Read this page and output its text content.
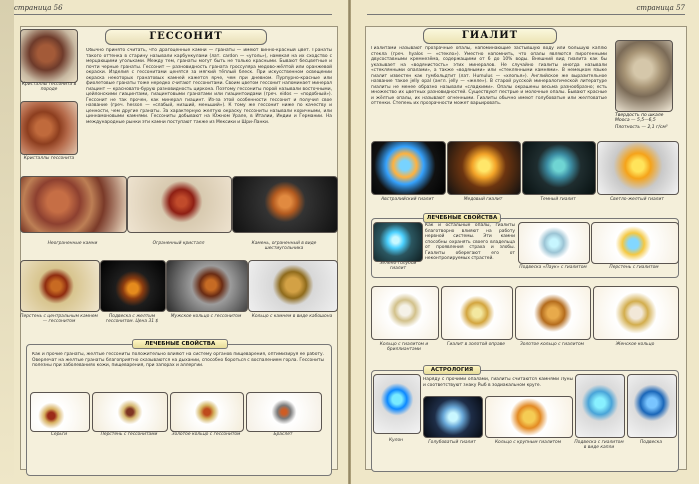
страница 56
Кристаллы гессонита в породе
Кристаллы гессонита
ГЕССОНИТ
Обычно принято считать, что драгоценные камни — гранаты — имеют винно-красный цвет. Гранаты такого оттенка в старину называли карбункулами (лат. cardon — «уголь»), намекая на их сходство с мерцающими угольками. Между тем, гранаты могут быть не только красными. Бывают бесцветные и почти черные гранаты. Гессонит — разновидность граната гроссуляра медово-жёлтой или оранжевой окраски. Изделия с гессонитами ценятся за мягкий тёплый блеск. При искусственном освещении окраска некоторых гранатовых камней кажется ярче, чем при дневном. Пурпурно-красные или фиолетовые гранаты тоже нередко считают гессонитами. Своим цветом гессонит напоминает минерал гиацинт — красновато-бурую разновидность циркона. Поэтому гессониты порой называли восточными, цейлонскими гиацинтами, гиацинтовыми гранатами или гиацинтоидами (греч. eidos — «подобный»). Гессонит не так прочен, как минерал гиацинт. Из-за этой особенности гессонит и получил свое название (греч. hesson — «слабый, низший, меньший»). К тому же гессонит ниже по качеству и ценности, чем другие гранаты. За характерную желтую окраску гессониты называли коричными, или циннамоновыми камнями. Гессониты добывают на Южном Урале, в Италии, Индии и Германии. На международные рынки эти камни поступают также из Мексики и Шри-Ланки.
Неограненные камни	Ограненный кристалл	Камень, ограненный в виде шестиугольника
Перстень с центральным камнем — гессонитом
Подвеска с желтым гессонитом. Цена 31 $
Мужское кольцо с гессонитом	Кольцо с камнем в виде кабошона
ЛЕЧЕБНЫЕ СВОЙСТВА
Как и прочие гранаты, желтые гессониты положительно влияют на систему органов пищеварения, оптимизируя ее работу. Оверлечат на желтые гранаты благоприятно сказываются на дыхании, способно бороться с воспалением горла. Гессониты полезны при заболеваниях кожи, пищеварения, при запорах и аллергии.
Серьги	Перстень с гессонитами	Золотое кольцо с гессонитом	Браслет
страница 57
ГИАЛИТ
Гиалитами называют прозрачные опалы, напоминающие застывшую воду или большую каплю стекла (греч. hyalos — «стекло»). Уместно напомнить, что опалы являются пирогенными двусоставными кремнезёма, содержащими от 6 до 10% воды. Внешний вид гиалита как бы указывает на «водянистость» этих минералов. Не случайно гиалиты иногда называли «стеклянными опалами», а также «водяными» или «стеклянными камнями». В немецком языке гиалит известен как гумбольдтит (лат. Humulus — «хлопья»). Английское же выразительное название такое jelly opal (англ. jelly — «желе»). В старой русской минералогической литературе гиалиты не менее образно называли «сладкими». Опалы окрашены весьма разнообразно; есть множество их цветных разновидностей. Существуют пестрые и молочные опалы. Бывают красные и жёлтые опалы, их называют огненными. Гиалиты обычно имеют голубоватые или желтоватые оттенки. Степень их прозрачности может варьировать.
Твердость по шкале Мооса — 5,5—6,5
Плотность — 2,1 г/см³
Австралийский гиалит	Медовый гиалит	Темный гиалит	Светло-желтый гиалит
ЛЕЧЕБНЫЕ СВОЙСТВА
Зелено-голубой гиалит
Как и остальные опалы, гиалиты благотворно влияют на работу нервной системы. Эти камни способны охранять своего владельца от проявления страха и злобы. Гиалиты оберегают его от неконтролируемых страстей.
Подвеска «Паук» с гиалитом	Перстень с гиалитом
Кольцо с гиалитом и бриллиантами
Гиалит в золотой оправе	Золотое кольцо с гиалитом	Женское кольцо
АСТРОЛОГИЯ
Наряду с прочими опалами, гиалиты считаются камнями Луны и соответствуют знаку Рыб в зодиакальном круге.
Кулон	Голубоватый гиалит	Кольцо с крупным гиалитом	Подвеска с гиалитом в виде капли
Подвеска
